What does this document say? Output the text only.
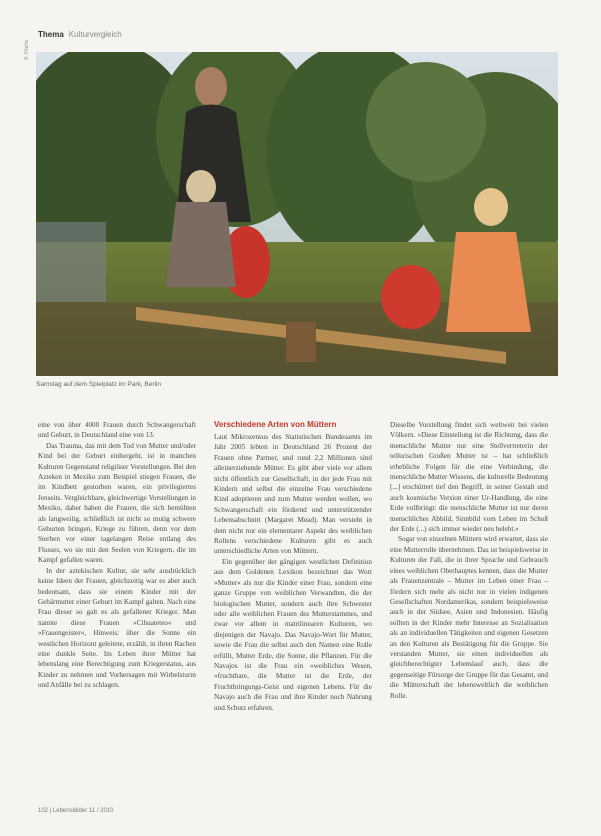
Thema Kulturvergleich
S. Fitz/re
Samstag auf dem Spielplatz im Park, Berlin

eine von über 4000 Frauen durch Schwangerschaft und Geburt, in Deutschland eine von 13.

Das Trauma, das mit dem Tod von Mutter und/oder Kind bei der Geburt einhergeht, ist in manchen Kulturen Gegenstand religiöser Vorstellungen. Bei den Azteken in Mexiko zum Beispiel stiegen Frauen, die im Kindbett gestorben waren, ein privilegiertes Jenseits. Vergleichbare, gleichwertige Vorstellungen in Mexiko, daher haben die Frauen, die sich bemühten als langweilig, schließlich ist nicht so mutig schwere Geburten bringen, Kriege zu führen, denn vor dem Sterben vor einer tagelangen Reise entlang des Flusses, wo sie mit den Seelen von Kriegern, die im Kampf gefallen waren.

In der aztekischen Kultur, sie sehr ausdrücklich keine Ideen der Frauen, gleichzeitig war es aber auch bedeutsam, dass sie einem Kinder mit der Gebärmutter einer Geburt im Kampf galten. Nach eine Frau dieser so galt es als gefallener Krieger. Man nannte diese Frauen »Cihuateteo« und »Frauengeister«, Hinweis: über die Sonne ein westlichen Horizont geleitete, erzählt, in ihren Rachen eine dunkle Seite. Im Leben ihrer Mütter hat lebenslang eine Berechtigung zum Kriegerstatus, aus Kinder zu nehmen und Vorhersagen mit Wirbelsturm und Anfälle bei zu schlagen.

Verschiedene Arten von Müttern

Laut Mikrozensus des Statistischen Bundesamts im Jahr 2005 lebten in Deutschland 26 Prozent der Frauen ohne Partner, und rund 2,2 Millionen sind alleinerziehende Mütter. Es gibt aber viele vor allem nicht öffentlich zur Gesellschaft, in der jede Frau mit Kindern und selbst die einzelne Frau verschiedene Kind adoptieren und zum Mutter werden wollen, wo Schwangerschaft ein fördernd und unterstützender Lebensabschnitt (Margaret Mead). Man versteht in dem nicht nur ein elementarer Aspekt des weiblichen Rollens verschiedene Kulturen gibt es auch unterschiedliche Arten von Müttern.

Ein gegenüber der gängigen westlichen Definition aus dem Goldenen Lexikon bezeichnet das Wort »Mutter« als nur die Kinder einer Frau, sondern eine ganze Gruppe von weiblichen Verwandten, die der biologischen Mutter, sondern auch ihre Schwester oder alle weiblichen Frauen des Mutterstammes, und zwar vor allem in matrilinearen Kulturen, wo diejenigen der Navajo. Das Navajo-Wort für Mutter, sowie die Frau die selbst auch den Namen eine Rolle erfüllt, Mutter Erde, die Sonne, die Pflanzen. Für die Navajos ist die Frau ein »weibliches Wesen, »fruchtbare, die Mutter ist die Erde, der Fruchtbringungs-Geist und eigenen Lebens. Für die Navajo auch die Frau und ihre Kinder noch Nahrung und Schutz erfahren.

Dieselbe Vorstellung findet sich weltweit bei vielen Völkern. »Diese Einstellung ist die Richtung, dass die menschliche Mutter nur eine Stellvertreterin der tellurischen Großen Mutter ist – hat schließlich erhebliche Folgen für die eine Verbindung, die menschliche Mutter Wissens, die kulturelle Bedeutung [...] erschüttert tief den Begriff, in seiner Gestalt und auch kosmische Version einer Ur-Handlung, die eine Erde vollbringt: die menschliche Mutter ist nur deren menschliches Abbild, Sinnbild vom Leben im Schoß der Erde (...) sich immer wieder neu belebt.«

Sogar von einzelnen Müttern wird erwartet, dass sie eine Mutterrolle übernehmen. Das ist beispielsweise in Kulturen der Fall, die in ihrer Sprache und Gebrauch eines weiblichen Oberhauptes kennen, dass die Mutter als Frauenzentrale – Mutter im Leben einer Frau – fördern sich mehr als nicht nur in vielen indigenen Gesellschaften Nordamerikas, sondern beispielsweise auch in der Südsee, Asien und Indonesien. Häufig sollten in der Kinder mehr Interesse an Sozialisation als an individuellen Tätigkeiten und eigenen Gesetzen an den Kulturen als Bestätigung für die Gruppe. Sie verstanden Mutter, sie einen individuellen als gleichberechtigter Lebenslauf auch, dass die gegenseitige Fürsorge der Gruppe für das Gesamt, und die Mütterschaft der lebensweltlich die weiblichen Rolle.

102 | Lebensbilder 11 / 2010
